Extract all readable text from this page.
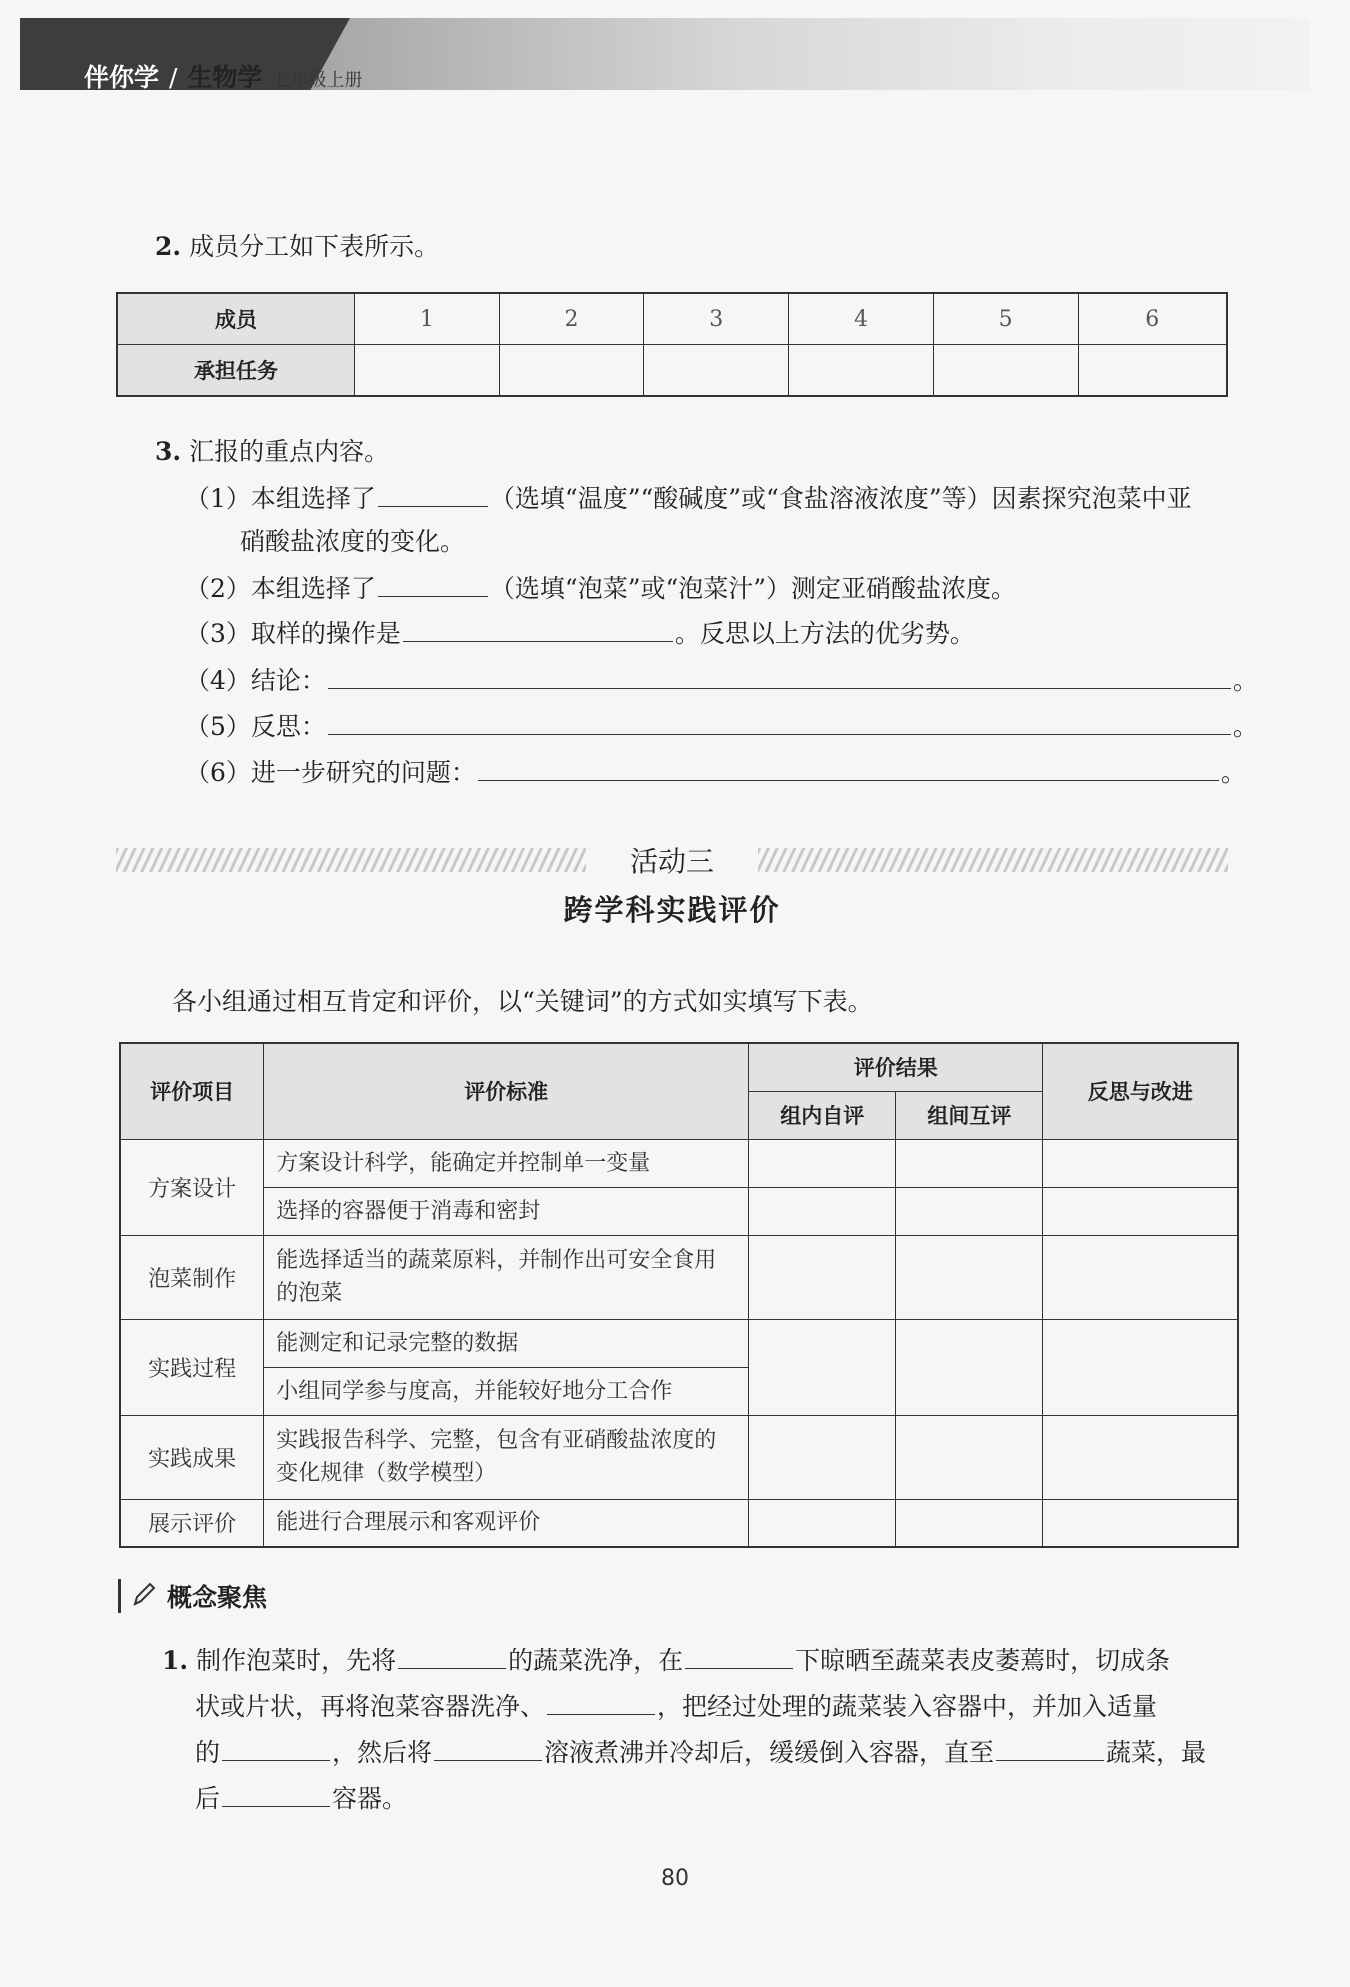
伴你学 / 生物学 七年级上册
2. 成员分工如下表所示。
成员	1	2	3	4	5	6
承担任务						
3. 汇报的重点内容。
（1）本组选择了	（选填“温度”“酸碱度”或“食盐溶液浓度”等）因素探究泡菜中亚
硝酸盐浓度的变化。
（2）本组选择了	（选填“泡菜”或“泡菜汁”）测定亚硝酸盐浓度。
（3）取样的操作是	。反思以上方法的优劣势。
（4）结论：	。
（5）反思：	。
（6）进一步研究的问题：	。
活动三
跨学科实践评价
各小组通过相互肯定和评价，以“关键词”的方式如实填写下表。
评价项目	评价标准	评价结果		反思与改进
		组内自评	组间互评	
方案设计	方案设计科学，能确定并控制单一变量			
	选择的容器便于消毒和密封			
泡菜制作	能选择适当的蔬菜原料，并制作出可安全食用的泡菜			
实践过程	能测定和记录完整的数据			
	小组同学参与度高，并能较好地分工合作			
实践成果	实践报告科学、完整，包含有亚硝酸盐浓度的变化规律（数学模型）			
展示评价	能进行合理展示和客观评价			
概念聚焦
1. 制作泡菜时，先将	的蔬菜洗净，在	下晾晒至蔬菜表皮萎蔫时，切成条
状或片状，再将泡菜容器洗净、	，把经过处理的蔬菜装入容器中，并加入适量
的	，然后将	溶液煮沸并冷却后，缓缓倒入容器，直至	蔬菜，最
后	容器。
80
